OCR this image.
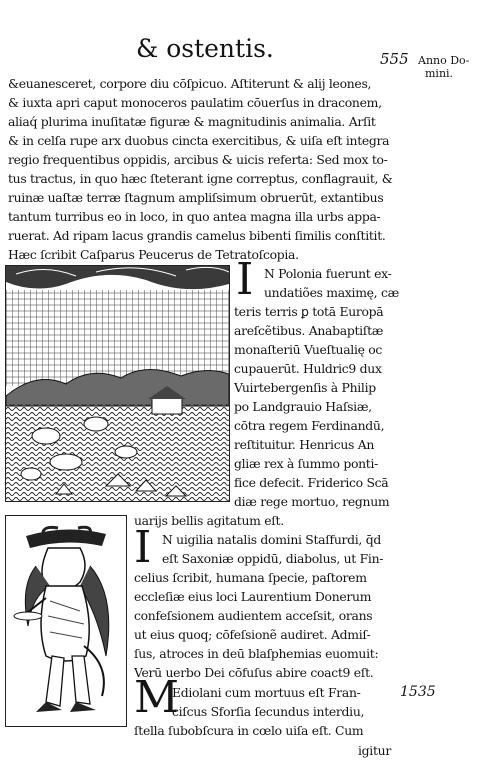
& ostentis.	555 Anno Do-
mini.
&euanesceret, corpore diu cōſpicuo. Aſtiterunt & alij leones,
& iuxta apri caput monoceros paulatim cōuerſus in draconem,
aliaq́ plurima inuſitatæ figuræ & magnitudinis animalia. Arſit
& in celſa rupe arx duobus cincta exercitibus, & uiſa eſt integra
regio frequentibus oppidis, arcibus & uicis referta: Sed mox to-
tus tractus, in quo hæc ſteterant igne correptus, conflagrauit, &
ruinæ uaſtæ terræ ſtagnum ampliſsimum obruerūt, extantibus
tantum turribus eo in loco, in quo antea magna illa urbs appa-
ruerat. Ad ripam lacus grandis camelus bibenti ſimilis conſtitit.
Hæc ſcribit Caſparus Peucerus de Tetratoſcopia.
I N Polonia fuerunt ex-
undatiões maximę, cæ
teris terris ꝑ totā Europā
areſcẽtibus. Anabaptiſtæ
monaſteriū Vueſtualię oc
cupauerūt. Huldric9 dux
Vuirtebergenſis à Philip
po Landgrauio Haſsiæ,
cōtra regem Ferdinandū,
reſtituitur. Henricus An
gliæ rex à ſummo ponti-
fice defecit. Friderico Scā
diæ rege mortuo, regnum
uarijs bellis agitatum eſt.
I N uigilia natalis domini Staſfurdi, q̄d
eſt Saxoniæ oppidū, diabolus, ut Fin-
celius ſcribit, humana ſpecie, paſtorem
eccleſiæ eius loci Laurentium Donerum
confeſsionem audientem acceſsit, orans
ut eius quoq; cōfeſsionẽ audiret. Admiſ-
ſus, atroces in deū blaſphemias euomuit:
Verū uerbo Dei cōfuſus abire coact9 eſt.
M
Ediolani cum mortuus eſt Fran-
ciſcus Sforſia ſecundus interdiu,
ſtella ſubobſcura in cœlo uiſa eſt. Cum
1535
igitur
